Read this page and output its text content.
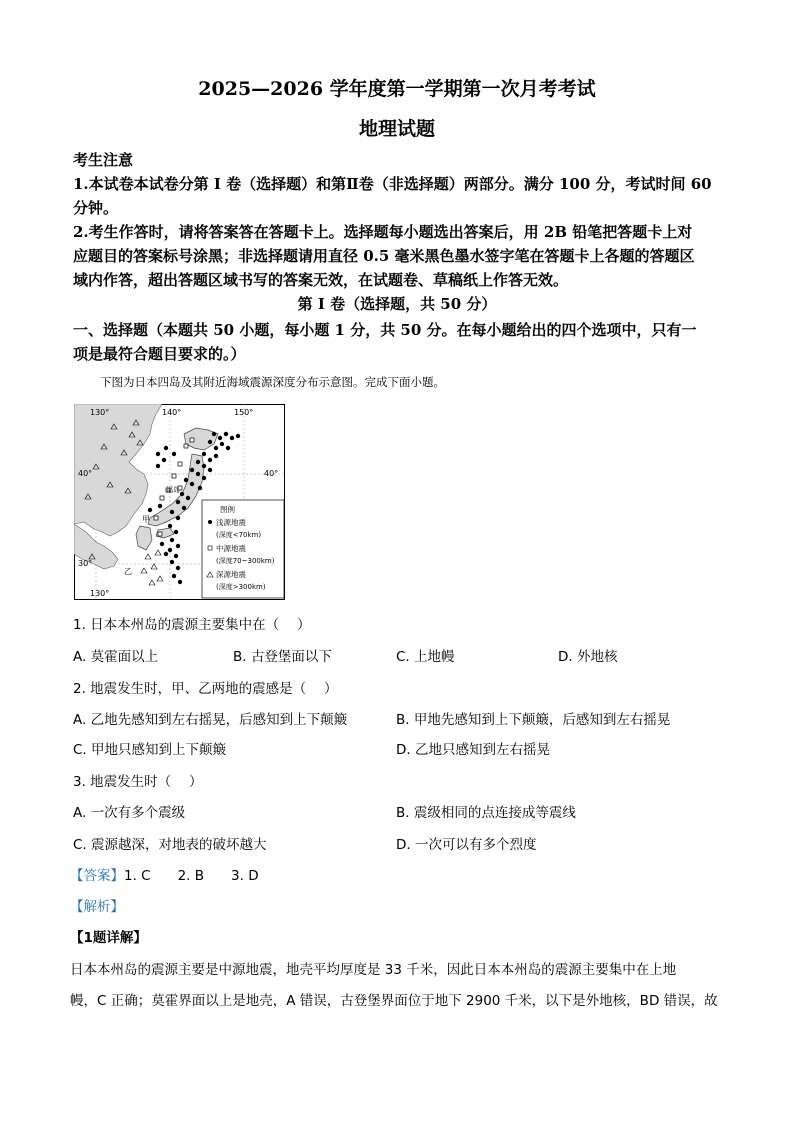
2025—2026 学年度第一学期第一次月考考试
地理试题
考生注意
1.本试卷本试卷分第 Ⅰ 卷（选择题）和第Ⅱ卷（非选择题）两部分。满分 100 分，考试时间 60
分钟。
2.考生作答时，请将答案答在答题卡上。选择题每小题选出答案后，用 2B 铅笔把答题卡上对
应题目的答案标号涂黑；非选择题请用直径 0.5 毫米黑色墨水签字笔在答题卡上各题的答题区
域内作答，超出答题区域书写的答案无效，在试题卷、草稿纸上作答无效。
第 Ⅰ 卷（选择题，共 50 分）
一、选择题（本题共 50 小题，每小题 1 分，共 50 分。在每小题给出的四个选项中，只有一
项是最符合题目要求的。）
下图为日本四岛及其附近海域震源深度分布示意图。完成下面小题。
130°	140°	150°
130°
40°	40°
30°
福岛
甲
乙
图例
浅源地震
(深度<70km)
中源地震
(深度70~300km)
深源地震
(深度>300km)
1. 日本本州岛的震源主要集中在（　 ）
A. 莫霍面以上	B. 古登堡面以下	C. 上地幔	D. 外地核
2. 地震发生时，甲、乙两地的震感是（　 ）
A. 乙地先感知到左右摇晃，后感知到上下颠簸	B. 甲地先感知到上下颠簸，后感知到左右摇晃
C. 甲地只感知到上下颠簸	D. 乙地只感知到左右摇晃
3. 地震发生时（　 ）
A. 一次有多个震级	B. 震级相同的点连接成等震线
C. 震源越深，对地表的破坏越大	D. 一次可以有多个烈度
【答案】1. C　　2. B　　3. D
【解析】
【1题详解】
日本本州岛的震源主要是中源地震，地壳平均厚度是 33 千米，因此日本本州岛的震源主要集中在上地
幔，C 正确；莫霍界面以上是地壳，A 错误，古登堡界面位于地下 2900 千米，以下是外地核，BD 错误，故
